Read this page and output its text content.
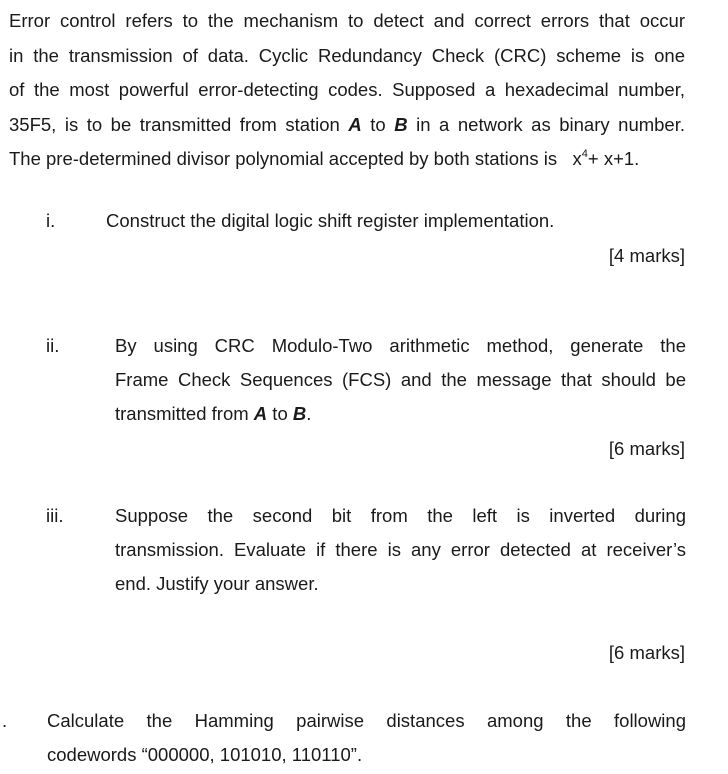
Error control refers to the mechanism to detect and correct errors that occur
in the transmission of data. Cyclic Redundancy Check (CRC) scheme is one
of the most powerful error-detecting codes. Supposed a hexadecimal number,
35F5, is to be transmitted from station A to B in a network as binary number.
The pre-determined divisor polynomial accepted by both stations is   $x^4+ x+1$.
i.	Construct the digital logic shift register implementation.
[4 marks]
ii.	By using CRC Modulo-Two arithmetic method, generate the
Frame Check Sequences (FCS) and the message that should be
transmitted from A to B.
[6 marks]
iii.	Suppose the second bit from the left is inverted during
transmission. Evaluate if there is any error detected at receiver’s
end. Justify your answer.
[6 marks]
. Calculate the Hamming pairwise distances among the following
codewords “000000, 101010, 110110”.
